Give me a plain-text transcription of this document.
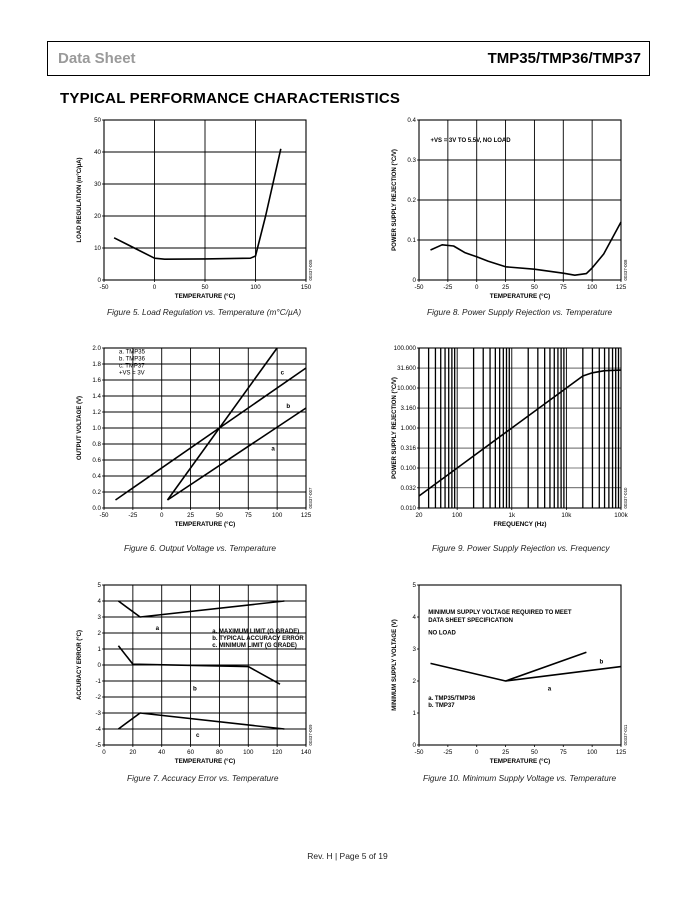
Data Sheet	TMP35/TMP36/TMP37
TYPICAL PERFORMANCE CHARACTERISTICS
-50	0	50	100	150
0
10
20
30
40
50
TEMPERATURE (°C)
LOAD REGULATION (m°C/µA)
00337-005
-50	-25	0	25	50	75	100	125
0
0.1
0.2
0.3
0.4
TEMPERATURE (°C)
POWER SUPPLY REJECTION (°C/V)
00337-008
+VS = 3V TO 5.5V, NO LOAD
-50	-25	0	25	50	75	100	125
0.0
0.2
0.4
0.6
0.8
1.0
1.2
1.4
1.6
1.8
2.0
TEMPERATURE (°C)
OUTPUT VOLTAGE (V)
00337-007
a. TMP35
b. TMP36
c. TMP37
+VS = 3V
a
b
c
20	100	1k	10k	100k
0.010
0.032
0.100
0.316
1.000
3.160
10.000
31.600
100.000
FREQUENCY (Hz)
POWER SUPPLY REJECTION (°C/V)
00337-010
0	20	40	60	80	100	120	140
-5
-4
-3
-2
-1
0
1
2
3
4
5
TEMPERATURE (°C)
ACCURACY ERROR (°C)
00337-009
a. MAXIMUM LIMIT (G GRADE)
b. TYPICAL ACCURACY ERROR
c. MINIMUM LIMIT (G GRADE)
a
b
c
-50	-25	0	25	50	75	100	125
0
1
2
3
4
5
TEMPERATURE (°C)
MINIMUM SUPPLY VOLTAGE (V)
00337-011
a. TMP35/TMP36
b. TMP37
MINIMUM SUPPLY VOLTAGE REQUIRED TO MEET
DATA SHEET SPECIFICATION
NO LOAD
a
b
Figure 5. Load Regulation vs. Temperature (m°C/µA)	Figure 8. Power Supply Rejection vs. Temperature
Figure 6. Output Voltage vs. Temperature	Figure 9. Power Supply Rejection vs. Frequency
Figure 7. Accuracy Error vs. Temperature	Figure 10. Minimum Supply Voltage vs. Temperature
Rev. H | Page 5 of 19
